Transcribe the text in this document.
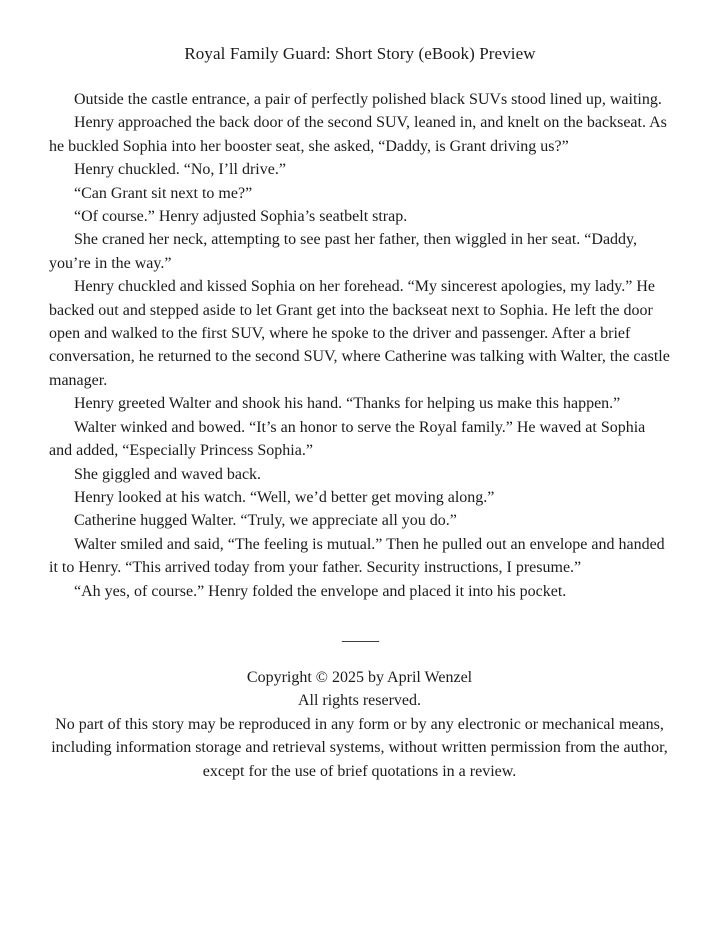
Royal Family Guard: Short Story (eBook) Preview

Outside the castle entrance, a pair of perfectly polished black SUVs stood lined up, waiting.

Henry approached the back door of the second SUV, leaned in, and knelt on the backseat. As he buckled Sophia into her booster seat, she asked, “Daddy, is Grant driving us?”

Henry chuckled. “No, I’ll drive.”

“Can Grant sit next to me?”

“Of course.” Henry adjusted Sophia’s seatbelt strap.

She craned her neck, attempting to see past her father, then wiggled in her seat. “Daddy, you’re in the way.”

Henry chuckled and kissed Sophia on her forehead. “My sincerest apologies, my lady.” He backed out and stepped aside to let Grant get into the backseat next to Sophia. He left the door open and walked to the first SUV, where he spoke to the driver and passenger. After a brief conversation, he returned to the second SUV, where Catherine was talking with Walter, the castle manager.

Henry greeted Walter and shook his hand. “Thanks for helping us make this happen.”

Walter winked and bowed. “It’s an honor to serve the Royal family.” He waved at Sophia and added, “Especially Princess Sophia.”

She giggled and waved back.

Henry looked at his watch. “Well, we’d better get moving along.”

Catherine hugged Walter. “Truly, we appreciate all you do.”

Walter smiled and said, “The feeling is mutual.” Then he pulled out an envelope and handed it to Henry. “This arrived today from your father. Security instructions, I presume.”

“Ah yes, of course.” Henry folded the envelope and placed it into his pocket.

——

Copyright © 2025 by April Wenzel

All rights reserved.

No part of this story may be reproduced in any form or by any electronic or mechanical means, including information storage and retrieval systems, without written permission from the author, except for the use of brief quotations in a review.
